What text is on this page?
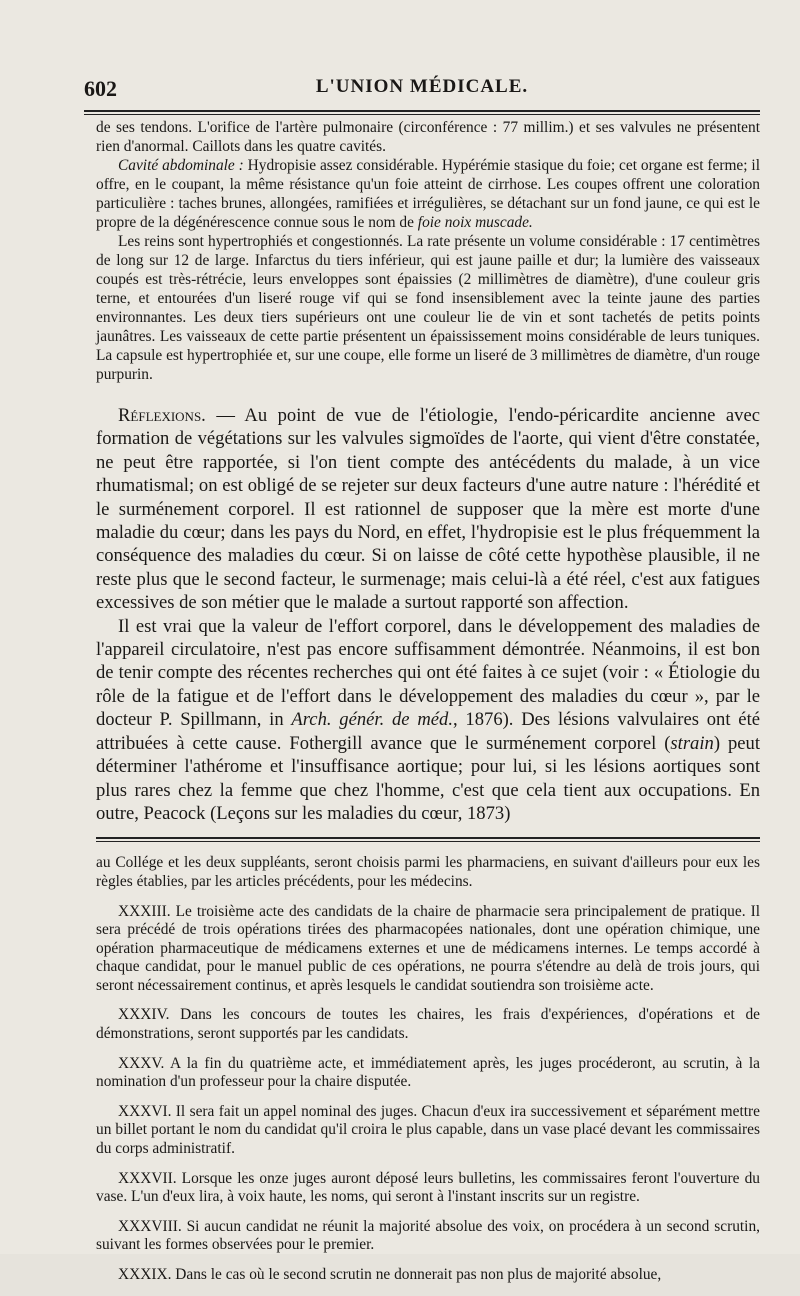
602	L'UNION MÉDICALE.

de ses tendons. L'orifice de l'artère pulmonaire (circonférence : 77 millim.) et ses valvules ne présentent rien d'anormal. Caillots dans les quatre cavités.

Cavité abdominale : Hydropisie assez considérable. Hypérémie stasique du foie; cet organe est ferme; il offre, en le coupant, la même résistance qu'un foie atteint de cirrhose. Les coupes offrent une coloration particulière : taches brunes, allongées, ramifiées et irrégulières, se détachant sur un fond jaune, ce qui est le propre de la dégénérescence connue sous le nom de foie noix muscade.

Les reins sont hypertrophiés et congestionnés. La rate présente un volume considérable : 17 centimètres de long sur 12 de large. Infarctus du tiers inférieur, qui est jaune paille et dur; la lumière des vaisseaux coupés est très-rétrécie, leurs enveloppes sont épaissies (2 millimètres de diamètre), d'une couleur gris terne, et entourées d'un liseré rouge vif qui se fond insensiblement avec la teinte jaune des parties environnantes. Les deux tiers supérieurs ont une couleur lie de vin et sont tachetés de petits points jaunâtres. Les vaisseaux de cette partie présentent un épaississement moins considérable de leurs tuniques. La capsule est hypertrophiée et, sur une coupe, elle forme un liseré de 3 millimètres de diamètre, d'un rouge purpurin.

Réflexions. — Au point de vue de l'étiologie, l'endo-péricardite ancienne avec formation de végétations sur les valvules sigmoïdes de l'aorte, qui vient d'être constatée, ne peut être rapportée, si l'on tient compte des antécédents du malade, à un vice rhumatismal; on est obligé de se rejeter sur deux facteurs d'une autre nature : l'hérédité et le surménement corporel. Il est rationnel de supposer que la mère est morte d'une maladie du cœur; dans les pays du Nord, en effet, l'hydropisie est le plus fréquemment la conséquence des maladies du cœur. Si on laisse de côté cette hypothèse plausible, il ne reste plus que le second facteur, le surmenage; mais celui-là a été réel, c'est aux fatigues excessives de son métier que le malade a surtout rapporté son affection.

Il est vrai que la valeur de l'effort corporel, dans le développement des maladies de l'appareil circulatoire, n'est pas encore suffisamment démontrée. Néanmoins, il est bon de tenir compte des récentes recherches qui ont été faites à ce sujet (voir : « Étiologie du rôle de la fatigue et de l'effort dans le développement des maladies du cœur », par le docteur P. Spillmann, in Arch. génér. de méd., 1876). Des lésions valvulaires ont été attribuées à cette cause. Fothergill avance que le surménement corporel (strain) peut déterminer l'athérome et l'insuffisance aortique; pour lui, si les lésions aortiques sont plus rares chez la femme que chez l'homme, c'est que cela tient aux occupations. En outre, Peacock (Leçons sur les maladies du cœur, 1873)

au Collége et les deux suppléants, seront choisis parmi les pharmaciens, en suivant d'ailleurs pour eux les règles établies, par les articles précédents, pour les médecins.

XXXIII. Le troisième acte des candidats de la chaire de pharmacie sera principalement de pratique. Il sera précédé de trois opérations tirées des pharmacopées nationales, dont une opération chimique, une opération pharmaceutique de médicamens externes et une de médicamens internes. Le temps accordé à chaque candidat, pour le manuel public de ces opérations, ne pourra s'étendre au delà de trois jours, qui seront nécessairement continus, et après lesquels le candidat soutiendra son troisième acte.

XXXIV. Dans les concours de toutes les chaires, les frais d'expériences, d'opérations et de démonstrations, seront supportés par les candidats.

XXXV. A la fin du quatrième acte, et immédiatement après, les juges procéderont, au scrutin, à la nomination d'un professeur pour la chaire disputée.

XXXVI. Il sera fait un appel nominal des juges. Chacun d'eux ira successivement et séparément mettre un billet portant le nom du candidat qu'il croira le plus capable, dans un vase placé devant les commissaires du corps administratif.

XXXVII. Lorsque les onze juges auront déposé leurs bulletins, les commissaires feront l'ouverture du vase. L'un d'eux lira, à voix haute, les noms, qui seront à l'instant inscrits sur un registre.

XXXVIII. Si aucun candidat ne réunit la majorité absolue des voix, on procédera à un second scrutin, suivant les formes observées pour le premier.

XXXIX. Dans le cas où le second scrutin ne donnerait pas non plus de majorité absolue,
